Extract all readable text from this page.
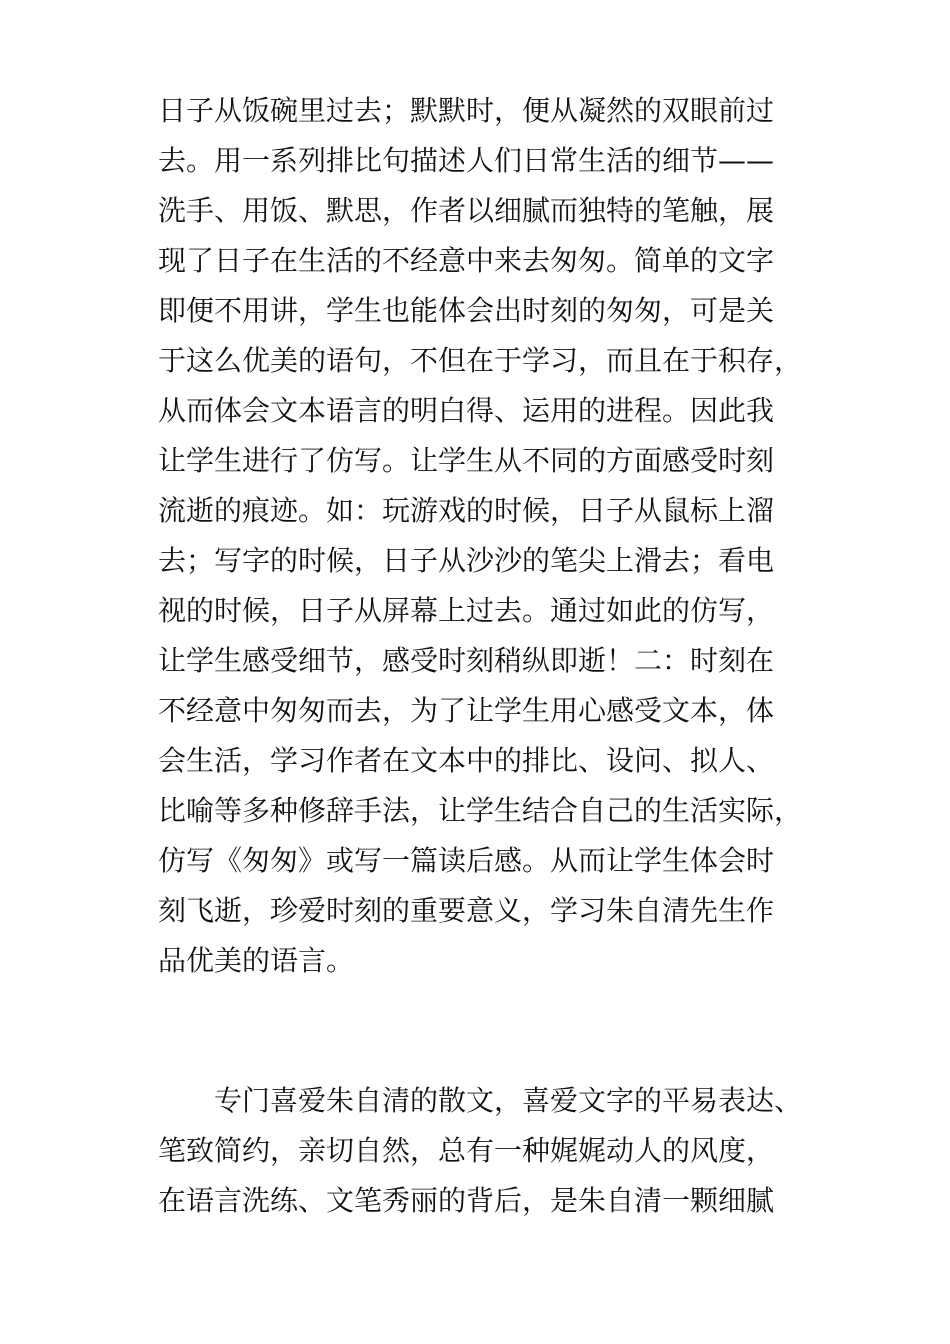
日子从饭碗里过去；默默时，便从凝然的双眼前过
去。用一系列排比句描述人们日常生活的细节——
洗手、用饭、默思，作者以细腻而独特的笔触，展
现了日子在生活的不经意中来去匆匆。简单的文字
即便不用讲，学生也能体会出时刻的匆匆，可是关
于这么优美的语句，不但在于学习，而且在于积存，
从而体会文本语言的明白得、运用的进程。因此我
让学生进行了仿写。让学生从不同的方面感受时刻
流逝的痕迹。如：玩游戏的时候，日子从鼠标上溜
去；写字的时候，日子从沙沙的笔尖上滑去；看电
视的时候，日子从屏幕上过去。通过如此的仿写，
让学生感受细节，感受时刻稍纵即逝！二：时刻在
不经意中匆匆而去，为了让学生用心感受文本，体
会生活，学习作者在文本中的排比、设问、拟人、
比喻等多种修辞手法，让学生结合自己的生活实际，
仿写《匆匆》或写一篇读后感。从而让学生体会时
刻飞逝，珍爱时刻的重要意义，学习朱自清先生作
品优美的语言。
　　专门喜爱朱自清的散文，喜爱文字的平易表达、
笔致简约，亲切自然，总有一种娓娓动人的风度，
在语言洗练、文笔秀丽的背后，是朱自清一颗细腻
